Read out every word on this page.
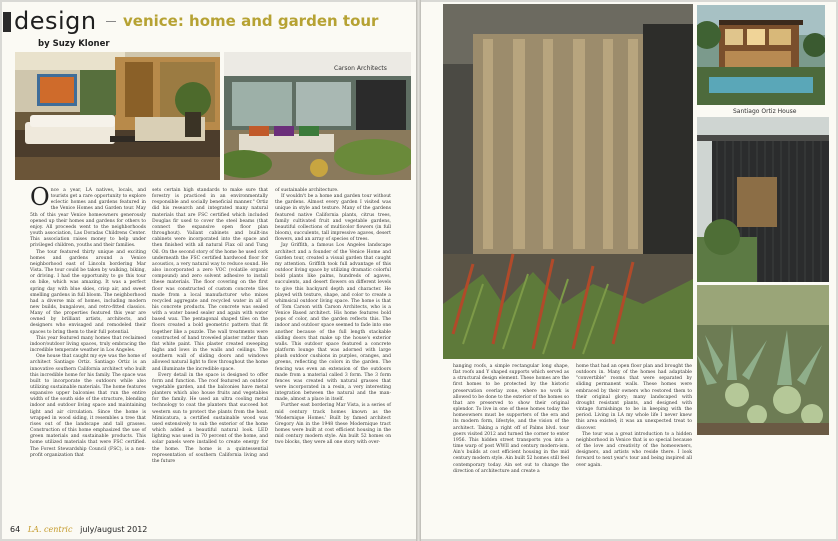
design venice: home and garden tour
by Suzy Kloner
Carson Architects

Once a year, LA natives, locals, and tourists get a rare opportunity to explore eclectic homes and gardens featured in the Venice Homes and Garden tour. May 5th of this year Venice homeowners generously opened up their homes and gardens for others to enjoy. All proceeds went to the neighborhoods youth association, Las Doradas Childrens Center. This association raises money to help under privileged children, youths and their families.

The tour featured thirty unique and exciting homes and gardens around a Venice neighborhood east of Lincoln bordering Mar Vista. The tour could be taken by walking, biking, or driving. I had the opportunity to go this tour on bike, which was amazing. It was a perfect spring day with blue skies, crisp air, and sweet smelling gardens in full bloom. The neighborhood had a diverse mix of homes, including modern new builds, bungalows, and retro-fitted classics. Many of the properties featured this year are owned by brilliant artists, architects, and designers who envisaged and remodeled their spaces to bring them to their full potential.

This year featured many homes that reclaimed indoor/outdoor living spaces, truly embracing the incredible temperate weather in Los Angeles.

One house that caught my eye was the home of architect Santiago Ortiz. Santiago Ortiz is an innovative southern California architect who built this incredible home for his family. The space was built to incorporate the outdoors while also utilizing sustainable materials. The home features expansive upper balconies that run the entire width of the south side of the structure, blending indoor and outdoor living space and maintaining light and air circulation. Since the home is wrapped in wood siding, it resembles a tree that rises out of the landscape and tall grasses. Construction of this home emphasized the use of green materials and sustainable products. This home utilized materials that were FSC certified. The Forest Stewardship Council (FSC), is a non-profit organization that

sets certain high standards to make sure that forestry is practiced in an environmentally responsible and socially beneficial manner." Ortiz did his research and integrated many natural materials that are FSC certified which included Douglas fir used to cover the steel beams (that connect the expansive open floor plan throughout). Valiant cabinets and built-ins cabinets were incorporated into the space and then finished with all natural Flax oil and Tung Oil. On the second story of the home he used cork underneath the FSC certified hardwood floor for acoustics, a very natural way to reduce sound. He also incorporated a zero VOC (volatile organic compound) and zero solvent adhesive to install these materials. The floor covering on the first floor was constructed of custom concrete tiles made from a local manufacturer who mixes recycled aggregate and recycled water in all of his concrete products. The concrete was sealed with a water based sealer and again with water based wax. The pentagonal shaped tiles on the floors created a bold geometric pattern that fit together like a puzzle. The wall treatments were constructed of hand troweled plaster rather than flat white paint. This plaster created sweeping highs and lows in the walls and ceilings. The southern wall of sliding doors and windows allowed natural light to flow throughout the home and illuminate the incredible space.

Every detail in the space is designed to offer form and function. The roof featured an outdoor vegetable garden, and the balconies have metal planters which also house fruits and vegetables for the family. He used an ultra cooling metal technology to coat the planters that succeed hot western sun to protect the plants from the heat. Mimicatura, a certified sustainable wood was used extensively to sub the exterior of the home which added a beautiful natural look. LED lighting was used in 70 percent of the home, and solar panels were installed to create energy for the home. The home is a quintessential representation of southern California living and the future

of sustainable architecture.

If wouldn't be a home and garden tour without the gardens. Almost every garden I visited was unique in style and texture. Many of the gardens featured native California plants, citrus trees, family cultivated fruit and vegetable gardens, beautiful collections of multicolor flowers (in full bloom), succulents, tall impressive agaves, desert flowers, and an array of species of trees.

Jay Griffith, a famous Los Angeles landscape architect and a founder of the Venice Home and Garden tour, created a visual garden that caught my attention. Griffith took full advantage of this outdoor living space by utilizing dramatic colorful bold plants like palms, hundreds of agaves, succulents, and desert flowers on different levels to give this backyard depth and character. He played with texture, shape, and color to create a whimsical outdoor living space. The home is that of Tom Carson with Carson Architects, who is a Venice Based architect. His home features bold pops of color, and the garden reflects this. The indoor and outdoor space seemed to fade into one another because of the full length stackable sliding doors that make up the house's exterior walls. This outdoor space featured a concrete platform lounge that was adorned with large plush outdoor cushions in purples, oranges, and greens, reflecting the colors in the garden. The fencing was even an extension of the outdoors made from a material called 3 form. The 3 form fences was created with natural grasses that were incorporated in a resin, a very interesting integration between the natural and the man-made, almost a place in itself.

Further east bordering Mar Vista, is a series of mid century track homes known as the 'Modernique Homes.' Built by famed architect Gregory Ain in the 1948 these Modernique tract homes were built at cost efficient housing in the mid century modern style. Ain built 52 homes on two blocks, they were all one story with over-

64 LA. centric july/august 2012
Santiago Ortiz House

hanging roofs, a simple rectangular long shape, flat roofs and Y shaped supports which served as a structural design element. These homes are the first homes to be protected by the historic preservation overlay zone, where no work is allowed to be done to the exterior of the homes so that are preserved to show their original splendor. To live in one of these homes today the homeowners must be supporters of the era and its modern form, lifestyle, and the vision of the architect. Taking a right off of Palms blvd. tour goers visited 2012 and turned the corner to enter 1956. This hidden street transports you into a time warp of post WWII and century modern-ism. Ain's builds at cost efficient housing in the mid century modern style. Ain built 52 homes still feel contemporary today. Ain set out to change the direction of architecture and create a

home that had an open floor plan and brought the outdoors in. Many of the homes had adaptable "convertible" rooms that were separated by sliding permanent walls. These homes were embraced by their owners who restored them to their original glory; many landscaped with drought resistant plants, and designed with vintage furnishings to be in keeping with the period. Living in LA my whole life I never knew this area existed; it was an unexpected treat to discover.

The tour was a great introduction to a hidden neighborhood in Venice that is so special because of the love and creativity of the homeowners, designers, and artists who reside there. I look forward to next year's tour and being inspired all over again.
